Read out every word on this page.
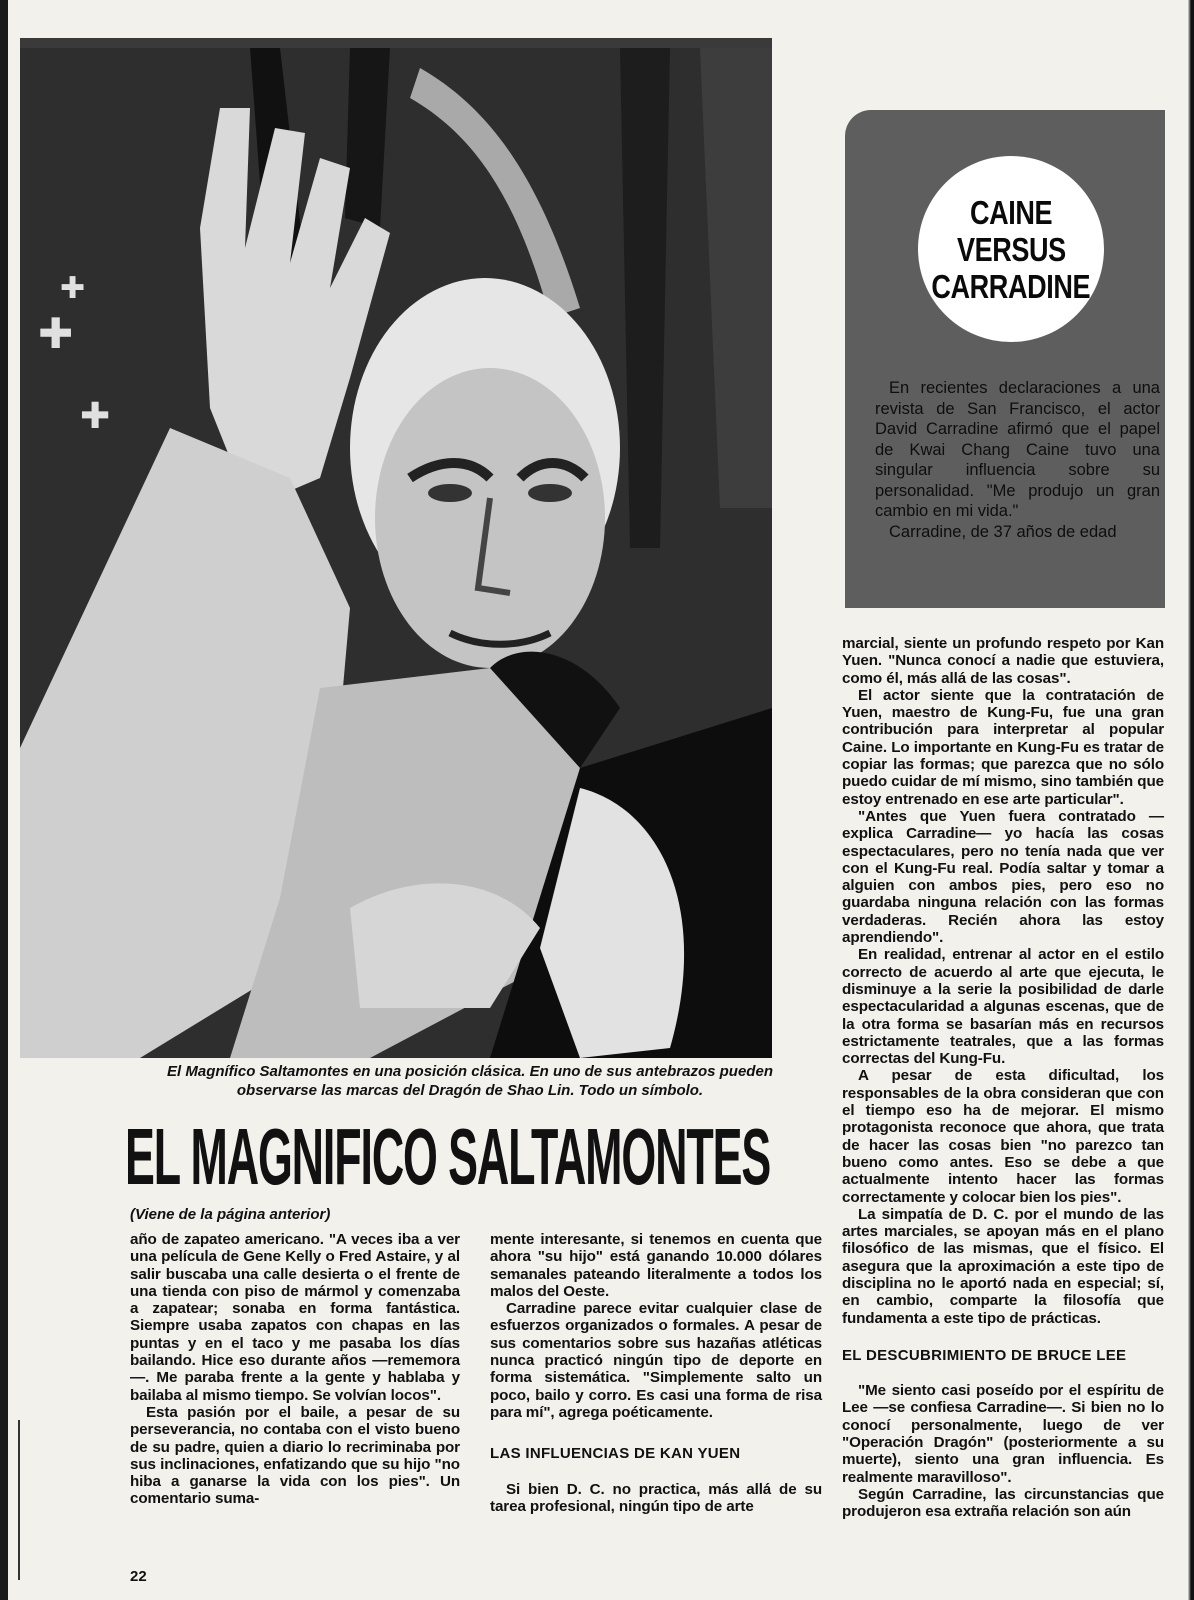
✚
✚
✚
CAINE
VERSUS
CARRADINE

En recientes declaraciones a una revista de San Francisco, el actor David Carradine afirmó que el papel de Kwai Chang Caine tuvo una singular influencia sobre su personalidad. "Me produjo un gran cambio en mi vida."

Carradine, de 37 años de edad

El Magnífico Saltamontes en una posición clásica. En uno de sus antebrazos pueden observarse las marcas del Dragón de Shao Lin. Todo un símbolo.
EL MAGNIFICO SALTAMONTES
(Viene de la página anterior)

año de zapateo americano. "A veces iba a ver una película de Gene Kelly o Fred Astaire, y al salir buscaba una calle desierta o el frente de una tienda con piso de mármol y comenzaba a zapatear; sonaba en forma fantástica. Siempre usaba zapatos con chapas en las puntas y en el taco y me pasaba los días bailando. Hice eso durante años —rememora—. Me paraba frente a la gente y hablaba y bailaba al mismo tiempo. Se volvían locos".

Esta pasión por el baile, a pesar de su perseverancia, no contaba con el visto bueno de su padre, quien a diario lo recriminaba por sus inclinaciones, enfatizando que su hijo "no hiba a ganarse la vida con los pies". Un comentario suma-

mente interesante, si tenemos en cuenta que ahora "su hijo" está ganando 10.000 dólares semanales pateando literalmente a todos los malos del Oeste.

Carradine parece evitar cualquier clase de esfuerzos organizados o formales. A pesar de sus comentarios sobre sus hazañas atléticas nunca practicó ningún tipo de deporte en forma sistemática. "Simplemente salto un poco, bailo y corro. Es casi una forma de risa para mí", agrega poéticamente.

LAS INFLUENCIAS DE KAN YUEN

Si bien D. C. no practica, más allá de su tarea profesional, ningún tipo de arte

marcial, siente un profundo respeto por Kan Yuen. "Nunca conocí a nadie que estuviera, como él, más allá de las cosas".

El actor siente que la contratación de Yuen, maestro de Kung-Fu, fue una gran contribución para interpretar al popular Caine. Lo importante en Kung-Fu es tratar de copiar las formas; que parezca que no sólo puedo cuidar de mí mismo, sino también que estoy entrenado en ese arte particular".

"Antes que Yuen fuera contratado —explica Carradine— yo hacía las cosas espectaculares, pero no tenía nada que ver con el Kung-Fu real. Podía saltar y tomar a alguien con ambos pies, pero eso no guardaba ninguna relación con las formas verdaderas. Recién ahora las estoy aprendiendo".

En realidad, entrenar al actor en el estilo correcto de acuerdo al arte que ejecuta, le disminuye a la serie la posibilidad de darle espectacularidad a algunas escenas, que de la otra forma se basarían más en recursos estrictamente teatrales, que a las formas correctas del Kung-Fu.

A pesar de esta dificultad, los responsables de la obra consideran que con el tiempo eso ha de mejorar. El mismo protagonista reconoce que ahora, que trata de hacer las cosas bien "no parezco tan bueno como antes. Eso se debe a que actualmente intento hacer las formas correctamente y colocar bien los pies".

La simpatía de D. C. por el mundo de las artes marciales, se apoyan más en el plano filosófico de las mismas, que el físico. El asegura que la aproximación a este tipo de disciplina no le aportó nada en especial; sí, en cambio, comparte la filosofía que fundamenta a este tipo de prácticas.

EL DESCUBRIMIENTO DE BRUCE LEE

"Me siento casi poseído por el espíritu de Lee —se confiesa Carradine—. Si bien no lo conocí personalmente, luego de ver "Operación Dragón" (posteriormente a su muerte), siento una gran influencia. Es realmente maravilloso".

Según Carradine, las circunstancias que produjeron esa extraña relación son aún

22
